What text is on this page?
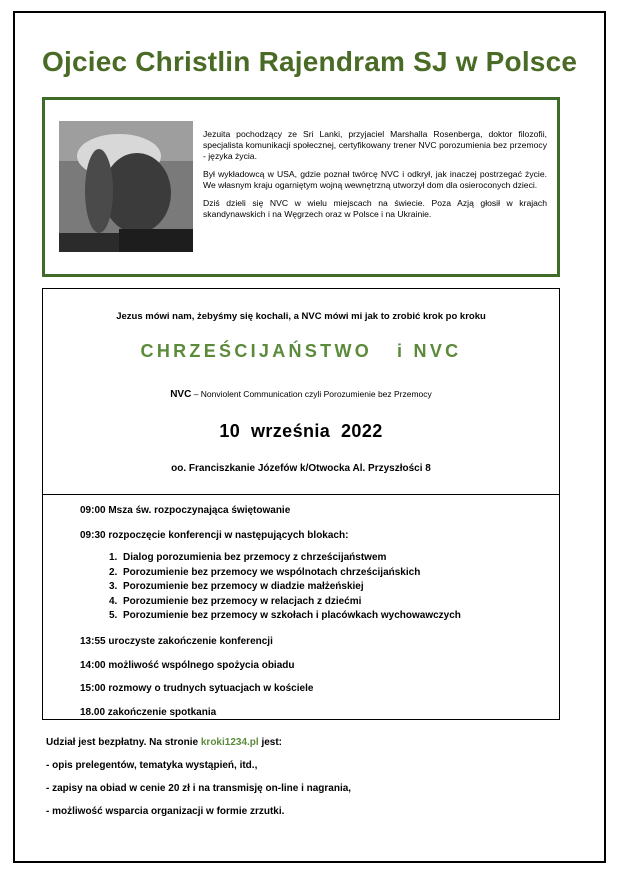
Ojciec Christlin Rajendram SJ w Polsce

Jezuita pochodzący ze Sri Lanki, przyjaciel Marshalla Rosenberga, doktor filozofii, specjalista komunikacji społecznej, certyfikowany trener NVC porozumienia bez przemocy - języka życia.

Był wykładowcą w USA, gdzie poznał twórcę NVC i odkrył, jak inaczej postrzegać życie. We własnym kraju ogarniętym wojną wewnętrzną utworzył dom dla osieroconych dzieci.

Dziś dzieli się NVC w wielu miejscach na świecie. Poza Azją głosił w krajach skandynawskich i na Węgrzech oraz w Polsce i na Ukrainie.

Jezus mówi nam, żebyśmy się kochali, a NVC mówi mi jak to zrobić krok po kroku
CHRZEŚCIJAŃSTWO   i NVC
NVC – Nonviolent Communication czyli Porozumienie bez Przemocy
10  września  2022
oo. Franciszkanie Józefów k/Otwocka Al. Przyszłości 8
09:00 Msza św. rozpoczynająca świętowanie
09:30 rozpoczęcie konferencji w następujących blokach:
1. Dialog porozumienia bez przemocy z chrześcijaństwem
2. Porozumienie bez przemocy we wspólnotach chrześcijańskich
3. Porozumienie bez przemocy w diadzie małżeńskiej
4. Porozumienie bez przemocy w relacjach z dziećmi
5. Porozumienie bez przemocy w szkołach i placówkach wychowawczych
13:55 uroczyste zakończenie konferencji
14:00 możliwość wspólnego spożycia obiadu
15:00 rozmowy o trudnych sytuacjach w kościele
18.00 zakończenie spotkania
Udział jest bezpłatny. Na stronie kroki1234.pl jest:
- opis prelegentów, tematyka wystąpień, itd.,
- zapisy na obiad w cenie 20 zł i na transmisję on-line i nagrania,
- możliwość wsparcia organizacji w formie zrzutki.
